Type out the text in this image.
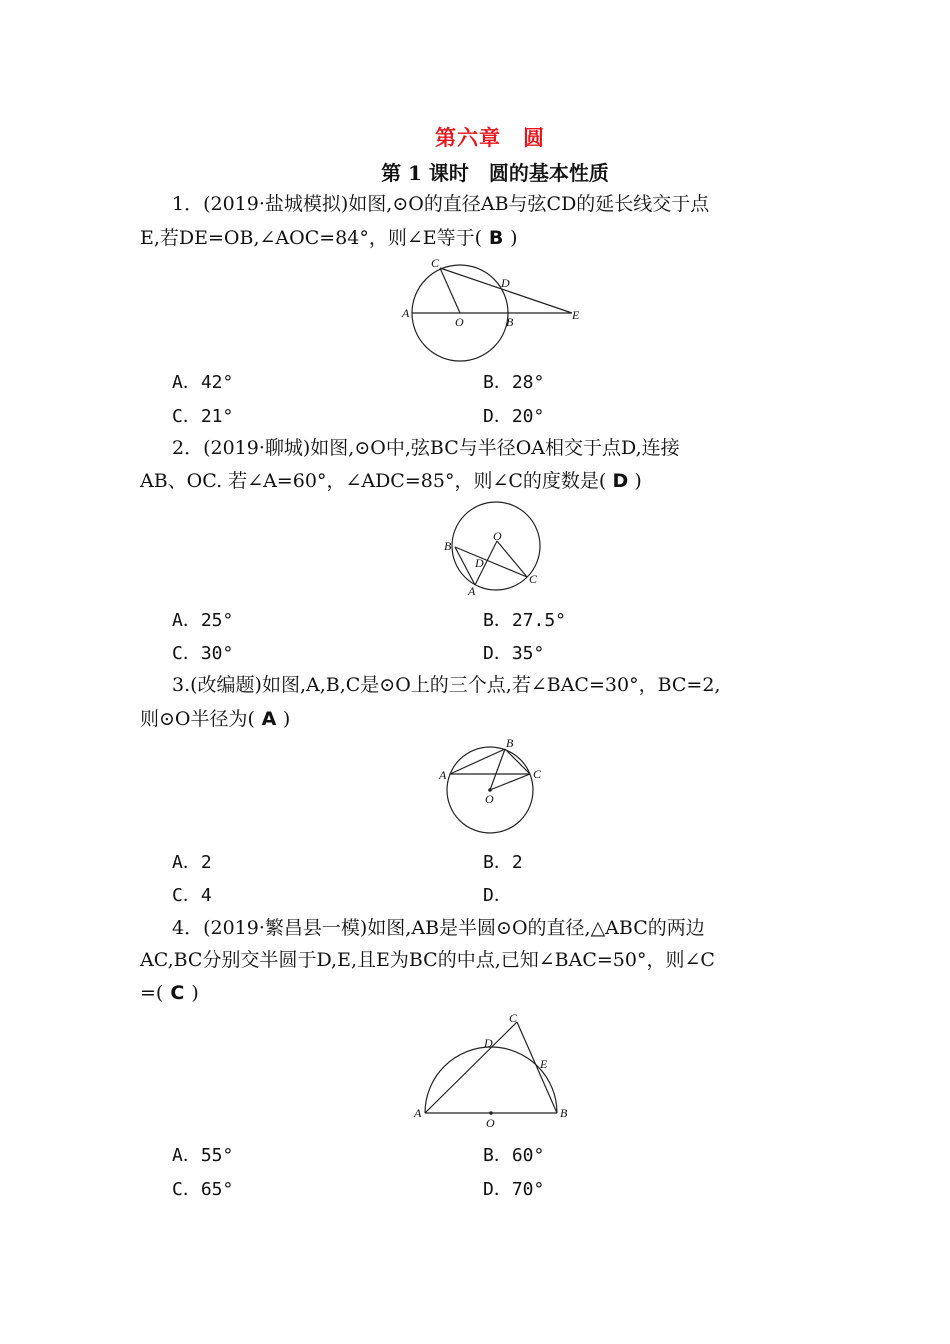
第六章　圆
第 1 课时　圆的基本性质
1．(2019·盐城模拟)如图,⊙O的直径AB与弦CD的延长线交于点
E,若DE=OB,∠AOC=84°，则∠E等于( B )
C
D
A
O	B	E
A．42°	B．28°
C．21°	D．20°
2．(2019·聊城)如图,⊙O中,弦BC与半径OA相交于点D,连接
AB、OC. 若∠A=60°，∠ADC=85°，则∠C的度数是( D )
O
B
D
C
A
A．25°	B．27.5°
C．30°	D．35°
3.(改编题)如图,A,B,C是⊙O上的三个点,若∠BAC=30°，BC=2,
则⊙O半径为( A )
B
A	C
O
A．2	B．2
C．4	D．
4．(2019·繁昌县一模)如图,AB是半圆⊙O的直径,△ABC的两边
AC,BC分别交半圆于D,E,且E为BC的中点,已知∠BAC=50°，则∠C
=( C )
C
D
E
A	B
O
A．55°	B．60°
C．65°	D．70°
